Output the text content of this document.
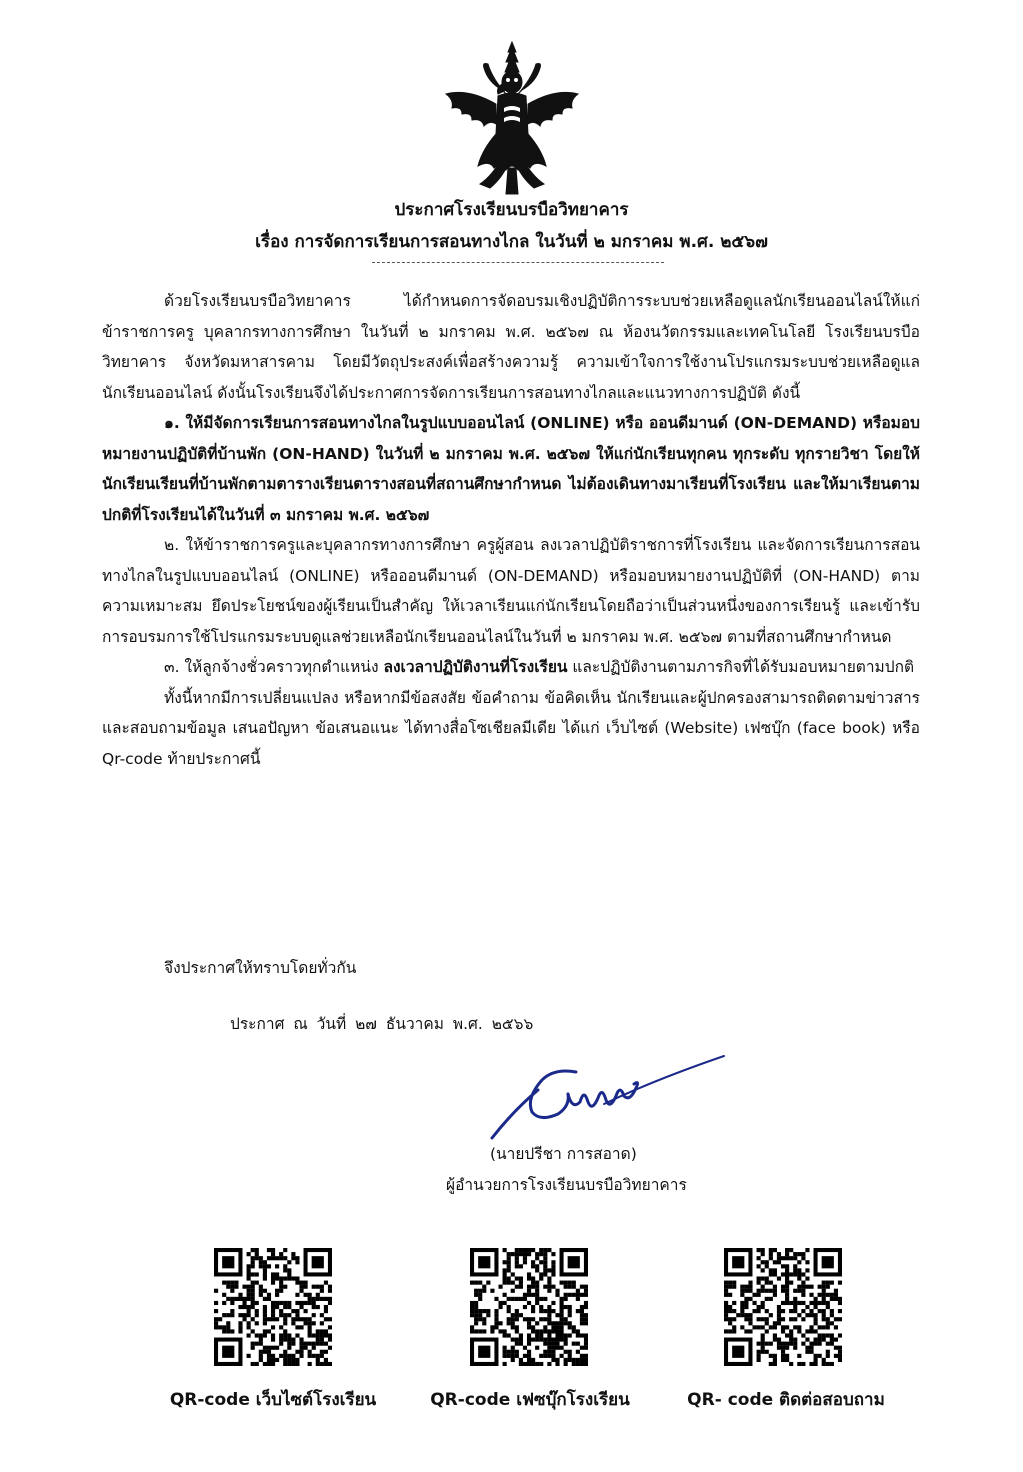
ประกาศโรงเรียนบรบือวิทยาคาร
เรื่อง การจัดการเรียนการสอนทางไกล ในวันที่ ๒ มกราคม พ.ศ. ๒๕๖๗

ด้วยโรงเรียนบรบือวิทยาคาร ได้กำหนดการจัดอบรมเชิงปฏิบัติการระบบช่วยเหลือดูแลนักเรียนออนไลน์ให้แก่ข้าราชการครู บุคลากรทางการศึกษา ในวันที่ ๒ มกราคม พ.ศ. ๒๕๖๗ ณ ห้องนวัตกรรมและเทคโนโลยี โรงเรียนบรบือวิทยาคาร จังหวัดมหาสารคาม โดยมีวัตถุประสงค์เพื่อสร้างความรู้ ความเข้าใจการใช้งานโปรแกรมระบบช่วยเหลือดูแลนักเรียนออนไลน์ ดังนั้นโรงเรียนจึงได้ประกาศการจัดการเรียนการสอนทางไกลและแนวทางการปฏิบัติ ดังนี้

๑. ให้มีจัดการเรียนการสอนทางไกลในรูปแบบออนไลน์ (ONLINE) หรือ ออนดีมานด์ (ON-DEMAND) หรือมอบหมายงานปฏิบัติที่บ้านพัก (ON-HAND) ในวันที่ ๒ มกราคม พ.ศ. ๒๕๖๗ ให้แก่นักเรียนทุกคน ทุกระดับ ทุกรายวิชา โดยให้นักเรียนเรียนที่บ้านพักตามตารางเรียนตารางสอนที่สถานศึกษากำหนด ไม่ต้องเดินทางมาเรียนที่โรงเรียน และให้มาเรียนตามปกติที่โรงเรียนได้ในวันที่ ๓ มกราคม พ.ศ. ๒๕๖๗

๒. ให้ข้าราชการครูและบุคลากรทางการศึกษา ครูผู้สอน ลงเวลาปฏิบัติราชการที่โรงเรียน และจัดการเรียนการสอนทางไกลในรูปแบบออนไลน์ (ONLINE) หรือออนดีมานด์ (ON-DEMAND) หรือมอบหมายงานปฏิบัติที่ (ON-HAND) ตามความเหมาะสม ยึดประโยชน์ของผู้เรียนเป็นสำคัญ ให้เวลาเรียนแก่นักเรียนโดยถือว่าเป็นส่วนหนึ่งของการเรียนรู้ และเข้ารับการอบรมการใช้โปรแกรมระบบดูแลช่วยเหลือนักเรียนออนไลน์ในวันที่ ๒ มกราคม พ.ศ. ๒๕๖๗ ตามที่สถานศึกษากำหนด

๓. ให้ลูกจ้างชั่วคราวทุกตำแหน่ง ลงเวลาปฏิบัติงานที่โรงเรียน และปฏิบัติงานตามภารกิจที่ได้รับมอบหมายตามปกติ

ทั้งนี้หากมีการเปลี่ยนแปลง หรือหากมีข้อสงสัย ข้อคำถาม ข้อคิดเห็น นักเรียนและผู้ปกครองสามารถติดตามข่าวสาร และสอบถามข้อมูล เสนอปัญหา ข้อเสนอแนะ ได้ทางสื่อโซเชียลมีเดีย ได้แก่ เว็บไซต์ (Website) เฟซบุ๊ก (face book) หรือ Qr-code ท้ายประกาศนี้

จึงประกาศให้ทราบโดยทั่วกัน
ประกาศ ณ วันที่ ๒๗ ธันวาคม พ.ศ. ๒๕๖๖
(นายปรีชา การสอาด)
ผู้อำนวยการโรงเรียนบรบือวิทยาคาร
QR-code เว็บไซต์โรงเรียน	QR-code เฟซบุ๊กโรงเรียน	QR- code ติดต่อสอบถาม
